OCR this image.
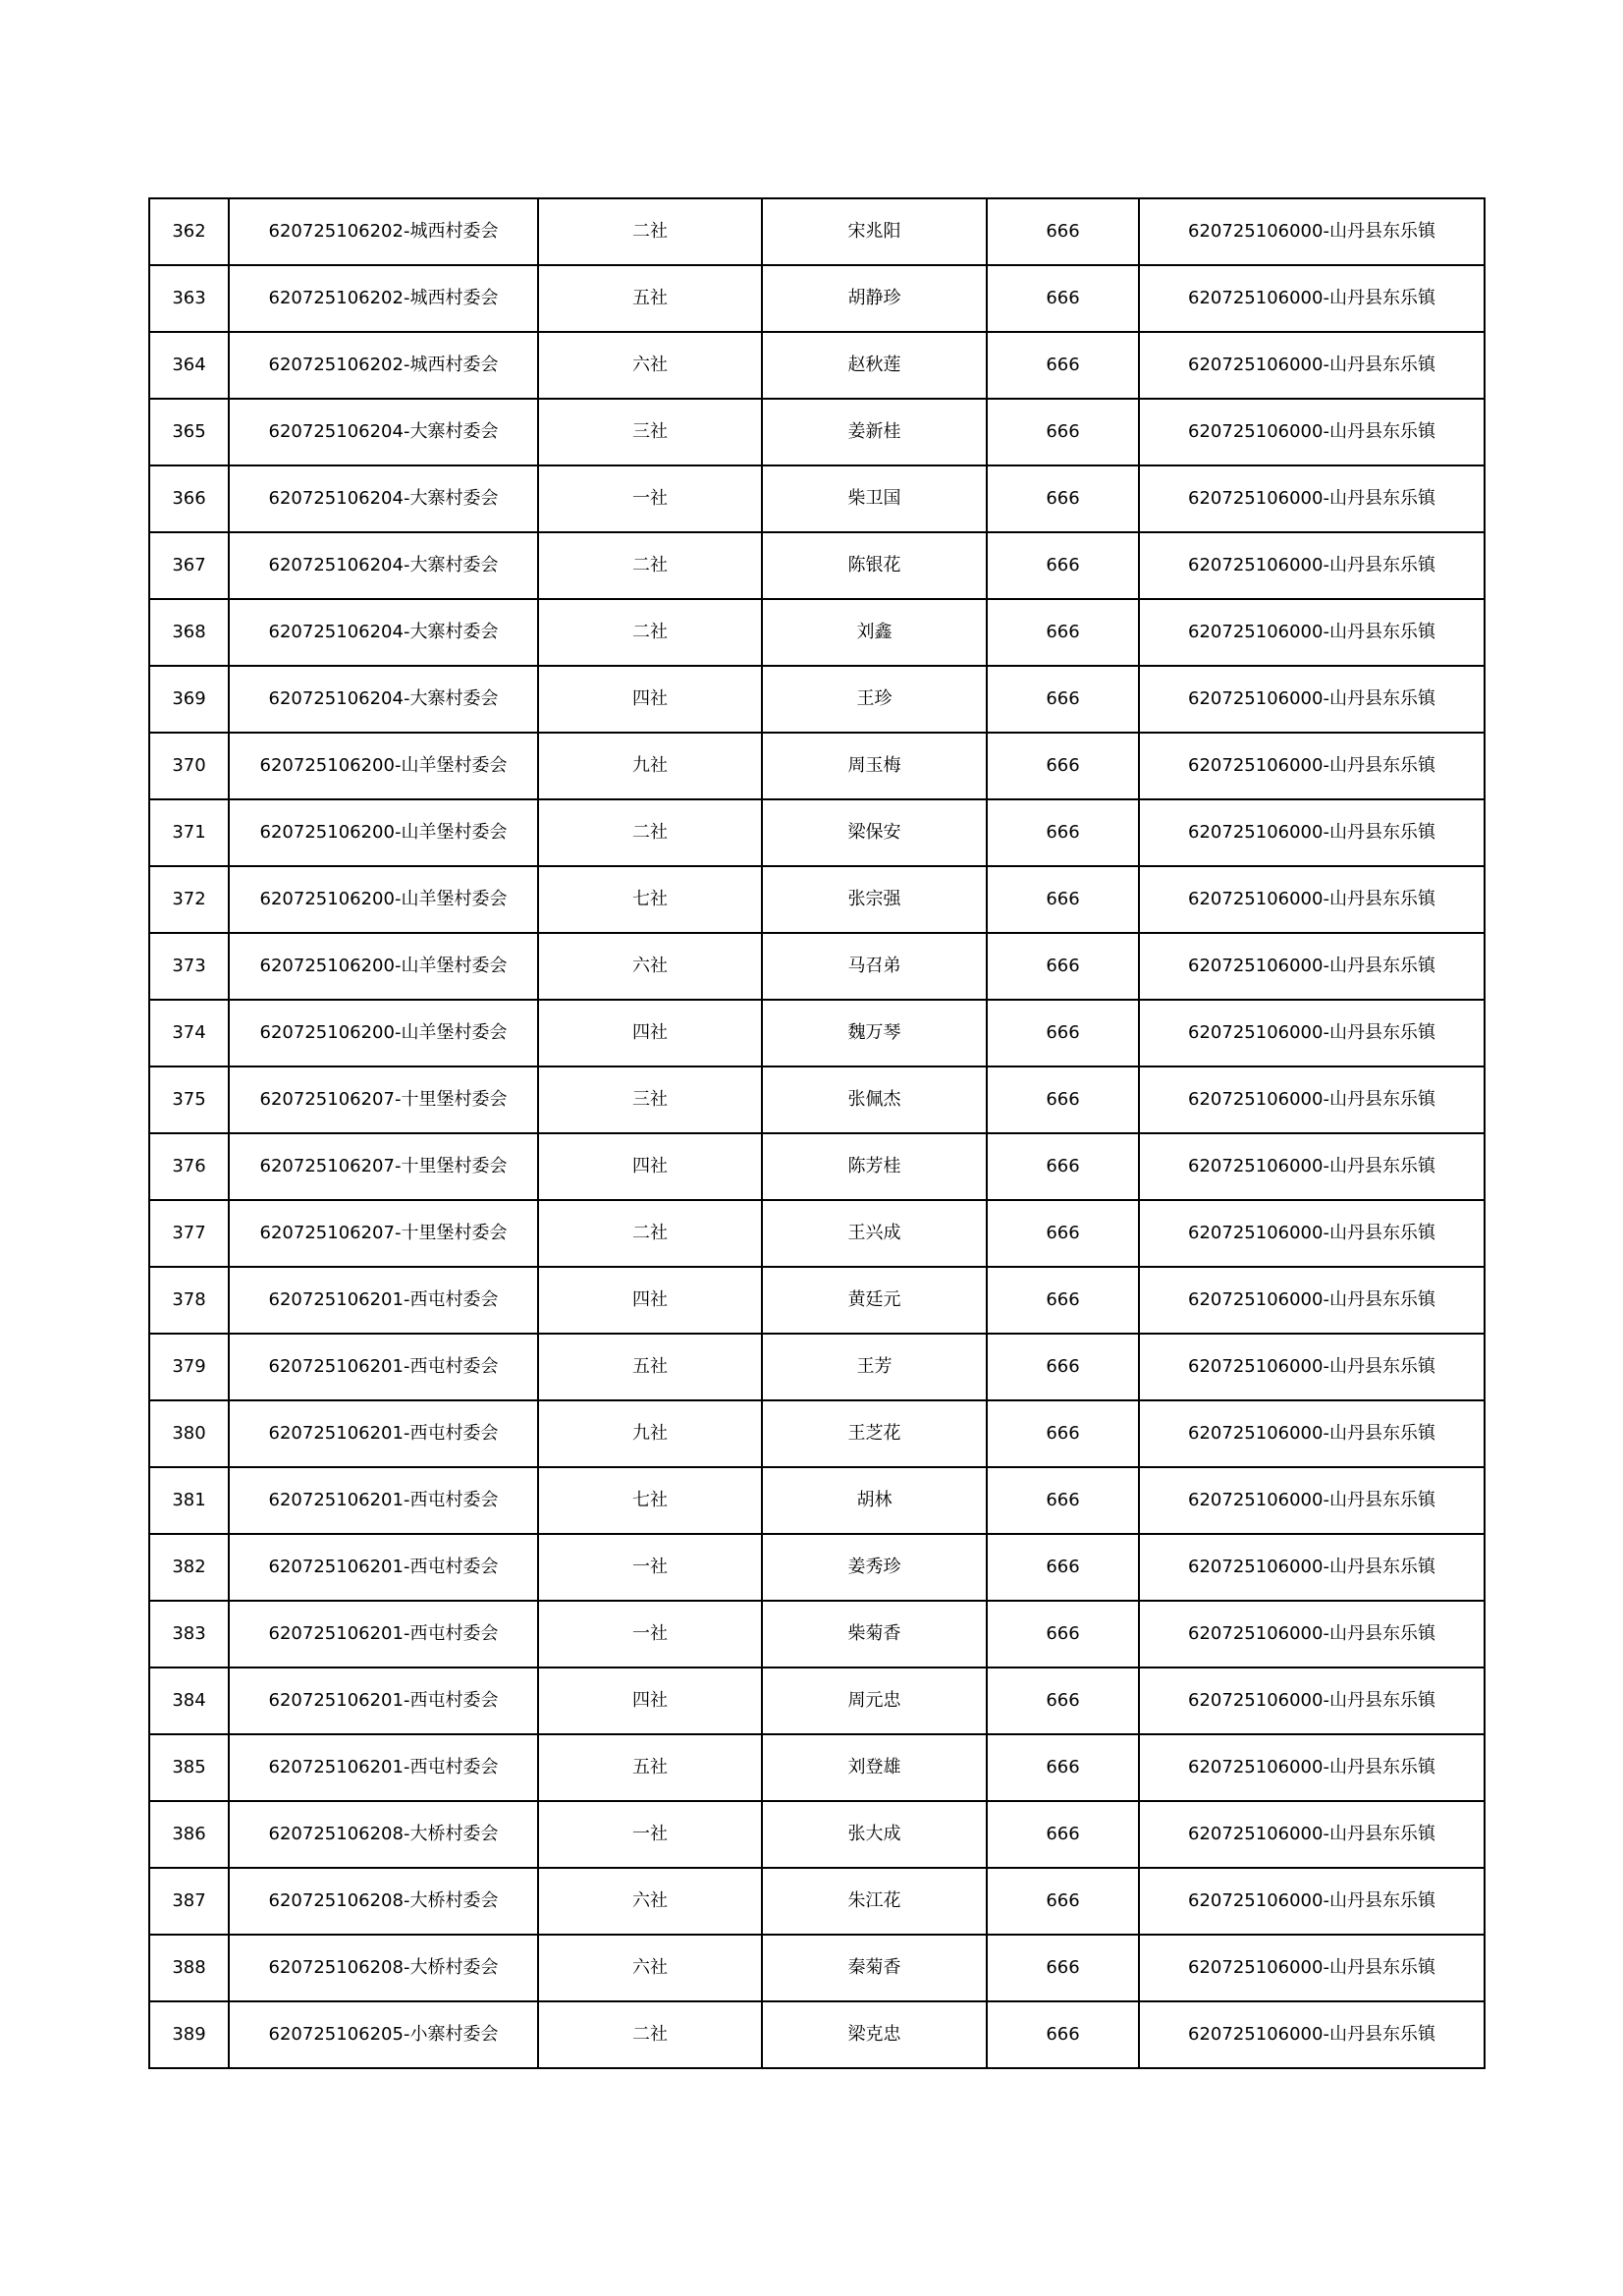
362	620725106202-城西村委会	二社	宋兆阳	666	620725106000-山丹县东乐镇
363	620725106202-城西村委会	五社	胡静珍	666	620725106000-山丹县东乐镇
364	620725106202-城西村委会	六社	赵秋莲	666	620725106000-山丹县东乐镇
365	620725106204-大寨村委会	三社	姜新桂	666	620725106000-山丹县东乐镇
366	620725106204-大寨村委会	一社	柴卫国	666	620725106000-山丹县东乐镇
367	620725106204-大寨村委会	二社	陈银花	666	620725106000-山丹县东乐镇
368	620725106204-大寨村委会	二社	刘鑫	666	620725106000-山丹县东乐镇
369	620725106204-大寨村委会	四社	王珍	666	620725106000-山丹县东乐镇
370	620725106200-山羊堡村委会	九社	周玉梅	666	620725106000-山丹县东乐镇
371	620725106200-山羊堡村委会	二社	梁保安	666	620725106000-山丹县东乐镇
372	620725106200-山羊堡村委会	七社	张宗强	666	620725106000-山丹县东乐镇
373	620725106200-山羊堡村委会	六社	马召弟	666	620725106000-山丹县东乐镇
374	620725106200-山羊堡村委会	四社	魏万琴	666	620725106000-山丹县东乐镇
375	620725106207-十里堡村委会	三社	张佩杰	666	620725106000-山丹县东乐镇
376	620725106207-十里堡村委会	四社	陈芳桂	666	620725106000-山丹县东乐镇
377	620725106207-十里堡村委会	二社	王兴成	666	620725106000-山丹县东乐镇
378	620725106201-西屯村委会	四社	黄廷元	666	620725106000-山丹县东乐镇
379	620725106201-西屯村委会	五社	王芳	666	620725106000-山丹县东乐镇
380	620725106201-西屯村委会	九社	王芝花	666	620725106000-山丹县东乐镇
381	620725106201-西屯村委会	七社	胡林	666	620725106000-山丹县东乐镇
382	620725106201-西屯村委会	一社	姜秀珍	666	620725106000-山丹县东乐镇
383	620725106201-西屯村委会	一社	柴菊香	666	620725106000-山丹县东乐镇
384	620725106201-西屯村委会	四社	周元忠	666	620725106000-山丹县东乐镇
385	620725106201-西屯村委会	五社	刘登雄	666	620725106000-山丹县东乐镇
386	620725106208-大桥村委会	一社	张大成	666	620725106000-山丹县东乐镇
387	620725106208-大桥村委会	六社	朱江花	666	620725106000-山丹县东乐镇
388	620725106208-大桥村委会	六社	秦菊香	666	620725106000-山丹县东乐镇
389	620725106205-小寨村委会	二社	梁克忠	666	620725106000-山丹县东乐镇
